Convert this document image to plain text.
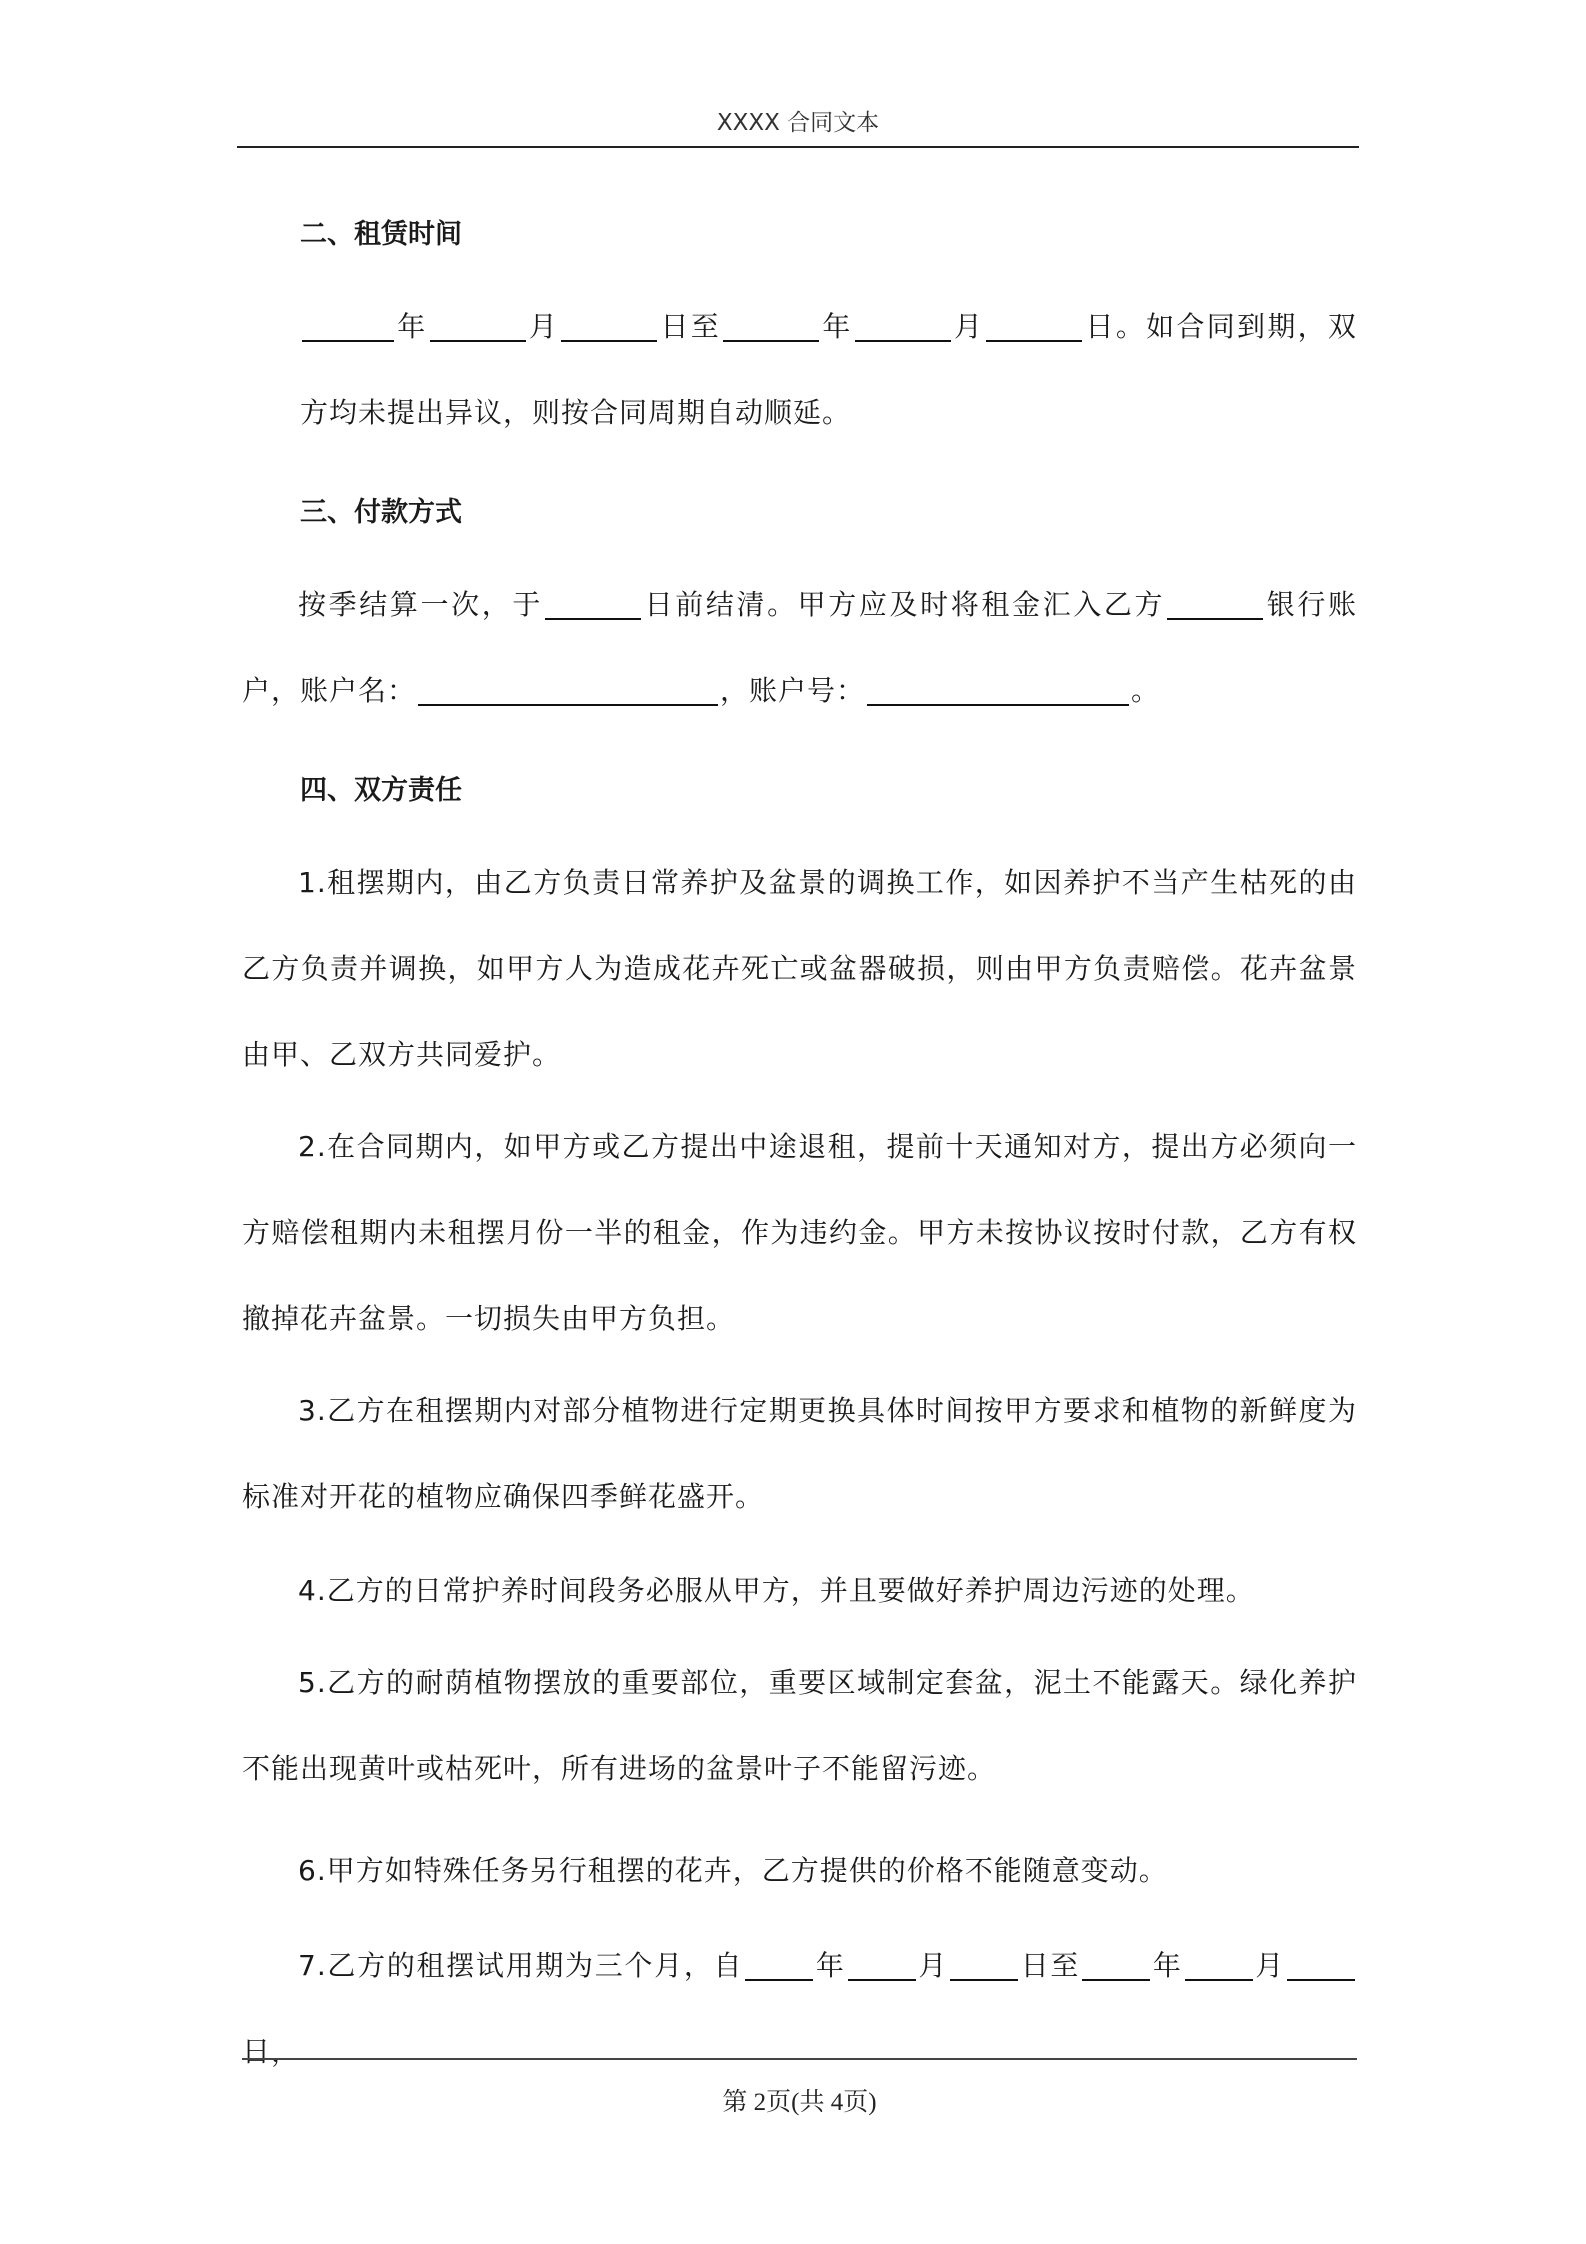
XXXX 合同文本
二、租赁时间

年	月	日至	年	月	日。如合同到期，双方均未提出异议，则按合同周期自动顺延。

三、付款方式

按季结算一次，于	日前结清。甲方应及时将租金汇入乙方	银行账户，账户名：	，账户号：	。

四、双方责任

1.租摆期内，由乙方负责日常养护及盆景的调换工作，如因养护不当产生枯死的由乙方负责并调换，如甲方人为造成花卉死亡或盆器破损，则由甲方负责赔偿。花卉盆景由甲、乙双方共同爱护。

2.在合同期内，如甲方或乙方提出中途退租，提前十天通知对方，提出方必须向一方赔偿租期内未租摆月份一半的租金，作为违约金。甲方未按协议按时付款，乙方有权撤掉花卉盆景。一切损失由甲方负担。

3.乙方在租摆期内对部分植物进行定期更换具体时间按甲方要求和植物的新鲜度为标准对开花的植物应确保四季鲜花盛开。

4.乙方的日常护养时间段务必服从甲方，并且要做好养护周边污迹的处理。

5.乙方的耐荫植物摆放的重要部位，重要区域制定套盆，泥土不能露天。绿化养护不能出现黄叶或枯死叶，所有进场的盆景叶子不能留污迹。

6.甲方如特殊任务另行租摆的花卉，乙方提供的价格不能随意变动。

7.乙方的租摆试用期为三个月，自	年	月	日至	年	月日，

第 2页(共 4页)
